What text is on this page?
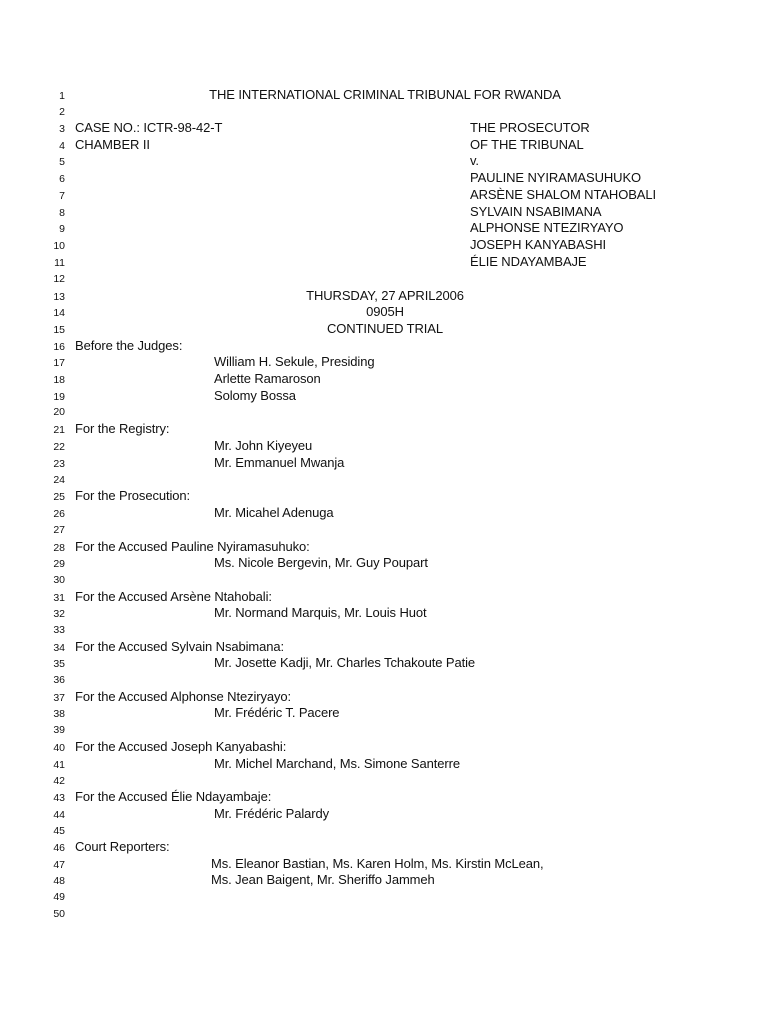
1	THE INTERNATIONAL CRIMINAL TRIBUNAL FOR RWANDA
2
3 CASE NO.: ICTR-98-42-T	THE PROSECUTOR
4 CHAMBER II	OF THE TRIBUNAL
5	v.
6	PAULINE NYIRAMASUHUKO
7	ARSÈNE SHALOM NTAHOBALI
8	SYLVAIN NSABIMANA
9	ALPHONSE NTEZIRYAYO
10	JOSEPH KANYABASHI
11	ÉLIE NDAYAMBAJE
12
13	THURSDAY, 27 APRIL2006
14	0905H
15	CONTINUED TRIAL
16 Before the Judges:
17	William H. Sekule, Presiding
18	Arlette Ramaroson
19	Solomy Bossa
20
21 For the Registry:
22	Mr. John Kiyeyeu
23	Mr. Emmanuel Mwanja
24
25 For the Prosecution:
26	Mr. Micahel Adenuga
27
28 For the Accused Pauline Nyiramasuhuko:
29	Ms. Nicole Bergevin, Mr. Guy Poupart
30
31 For the Accused Arsène Ntahobali:
32	Mr. Normand Marquis, Mr. Louis Huot
33
34 For the Accused Sylvain Nsabimana:
35	Mr. Josette Kadji, Mr. Charles Tchakoute Patie
36
37 For the Accused Alphonse Nteziryayo:
38	Mr. Frédéric T. Pacere
39
40 For the Accused Joseph Kanyabashi:
41	Mr. Michel Marchand, Ms. Simone Santerre
42
43 For the Accused Élie Ndayambaje:
44	Mr. Frédéric Palardy
45
46 Court Reporters:
47	Ms. Eleanor Bastian, Ms. Karen Holm, Ms. Kirstin McLean,
48	Ms. Jean Baigent, Mr. Sheriffo Jammeh
49
50
